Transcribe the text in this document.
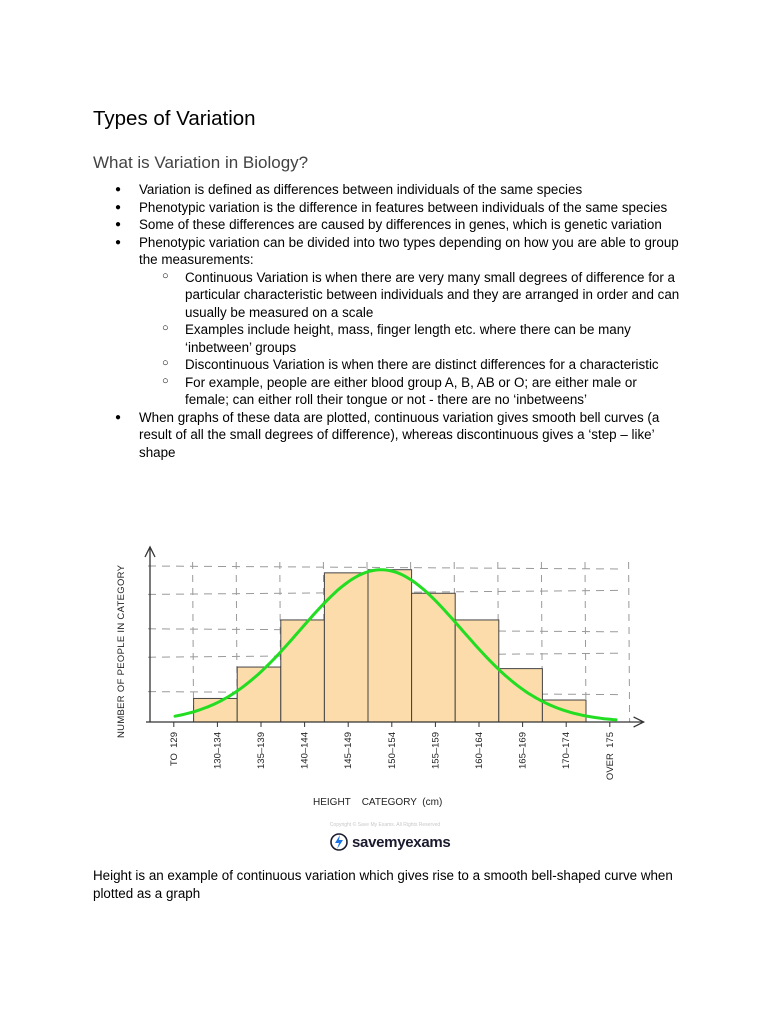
Types of Variation
What is Variation in Biology?
● Variation is defined as differences between individuals of the same species
● Phenotypic variation is the difference in features between individuals of the same species
● Some of these differences are caused by differences in genes, which is genetic variation
● Phenotypic variation can be divided into two types depending on how you are able to group the measurements:
○ Continuous Variation is when there are very many small degrees of difference for a particular characteristic between individuals and they are arranged in order and can usually be measured on a scale
○ Examples include height, mass, finger length etc. where there can be many ‘inbetween’ groups
○ Discontinuous Variation is when there are distinct differences for a characteristic
○ For example, people are either blood group A, B, AB or O; are either male or female; can either roll their tongue or not - there are no ‘inbetweens’
● When graphs of these data are plotted, continuous variation gives smooth bell curves (a result of all the small degrees of difference), whereas discontinuous gives a ‘step – like’ shape
TO  129	130–134	135–139	140–144	145–149	150–154	155–159	160–164	165–169	170–174	OVER  175
NUMBER OF PEOPLE IN CATEGORY
HEIGHT    CATEGORY  (cm)
Copyright © Save My Exams. All Rights Reserved
savemyexams

Height is an example of continuous variation which gives rise to a smooth bell-shaped curve when plotted as a graph
